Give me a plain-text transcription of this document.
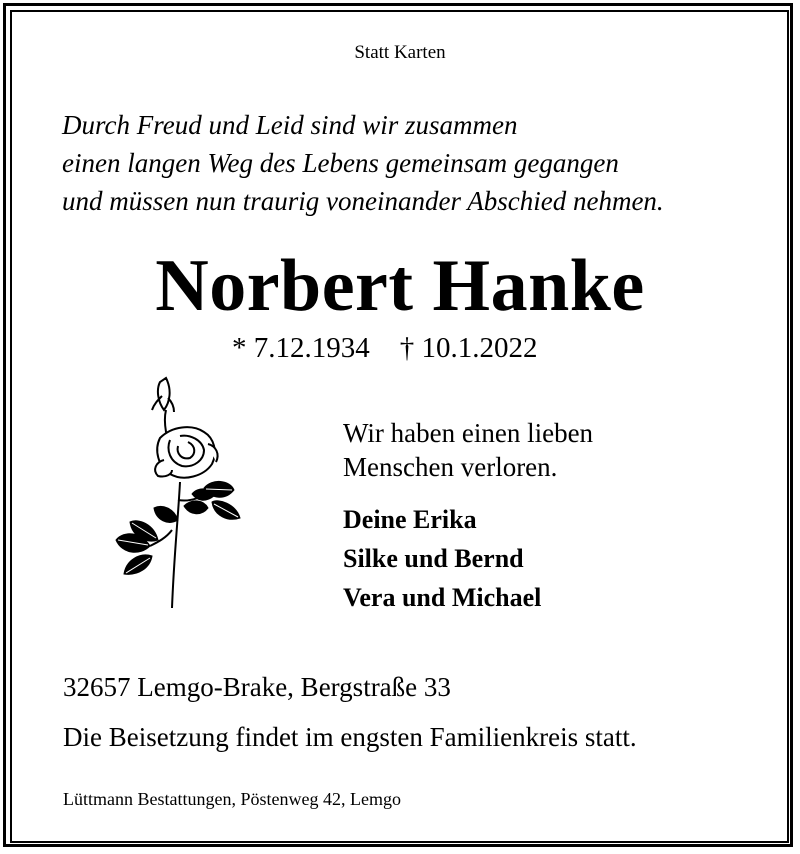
Statt Karten
Durch Freud und Leid sind wir zusammen
einen langen Weg des Lebens gemeinsam gegangen
und müssen nun traurig voneinander Abschied nehmen.
Norbert Hanke
* 7.12.1934 † 10.1.2022
Wir haben einen lieben
Menschen verloren.
Deine Erika
Silke und Bernd
Vera und Michael
32657 Lemgo-Brake, Bergstraße 33
Die Beisetzung findet im engsten Familienkreis statt.
Lüttmann Bestattungen, Pöstenweg 42, Lemgo
